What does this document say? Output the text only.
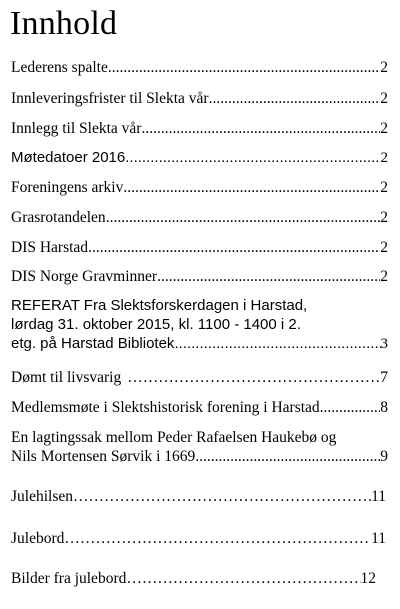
Innhold
Lederens spalte. .....	2
Innleveringsfrister til Slekta vår .....	2
Innlegg til Slekta vår .....	2
Møtedatoer 2016 .....	2
Foreningens arkiv .....	2
Grasrotandelen .....	2
DIS Harstad .....	2
DIS Norge Gravminner .....	2
REFERAT Fra Slektsforskerdagen i Harstad,
lørdag 31. oktober 2015, kl. 1100 - 1400 i 2.
etg. på Harstad Bibliotek .....	3
Dømt til livsvarig ……………………………………………………………………………………………………………………………………………………………………………………	7
Medlemsmøte i Slektshistorisk forening i Harstad .....	8
En lagtingssak mellom Peder Rafaelsen Haukebø og
Nils Mortensen Sørvik i 1669. .....	9
Julehilsen ……………………………………………………………………………………………………………………………………………………………………………………	11
Julebord ……………………………………………………………………………………………………………………………………………………………………………………	11
Bilder fra julebord ……………………………………………………………………………………………………………………………………………………………………………………	12
